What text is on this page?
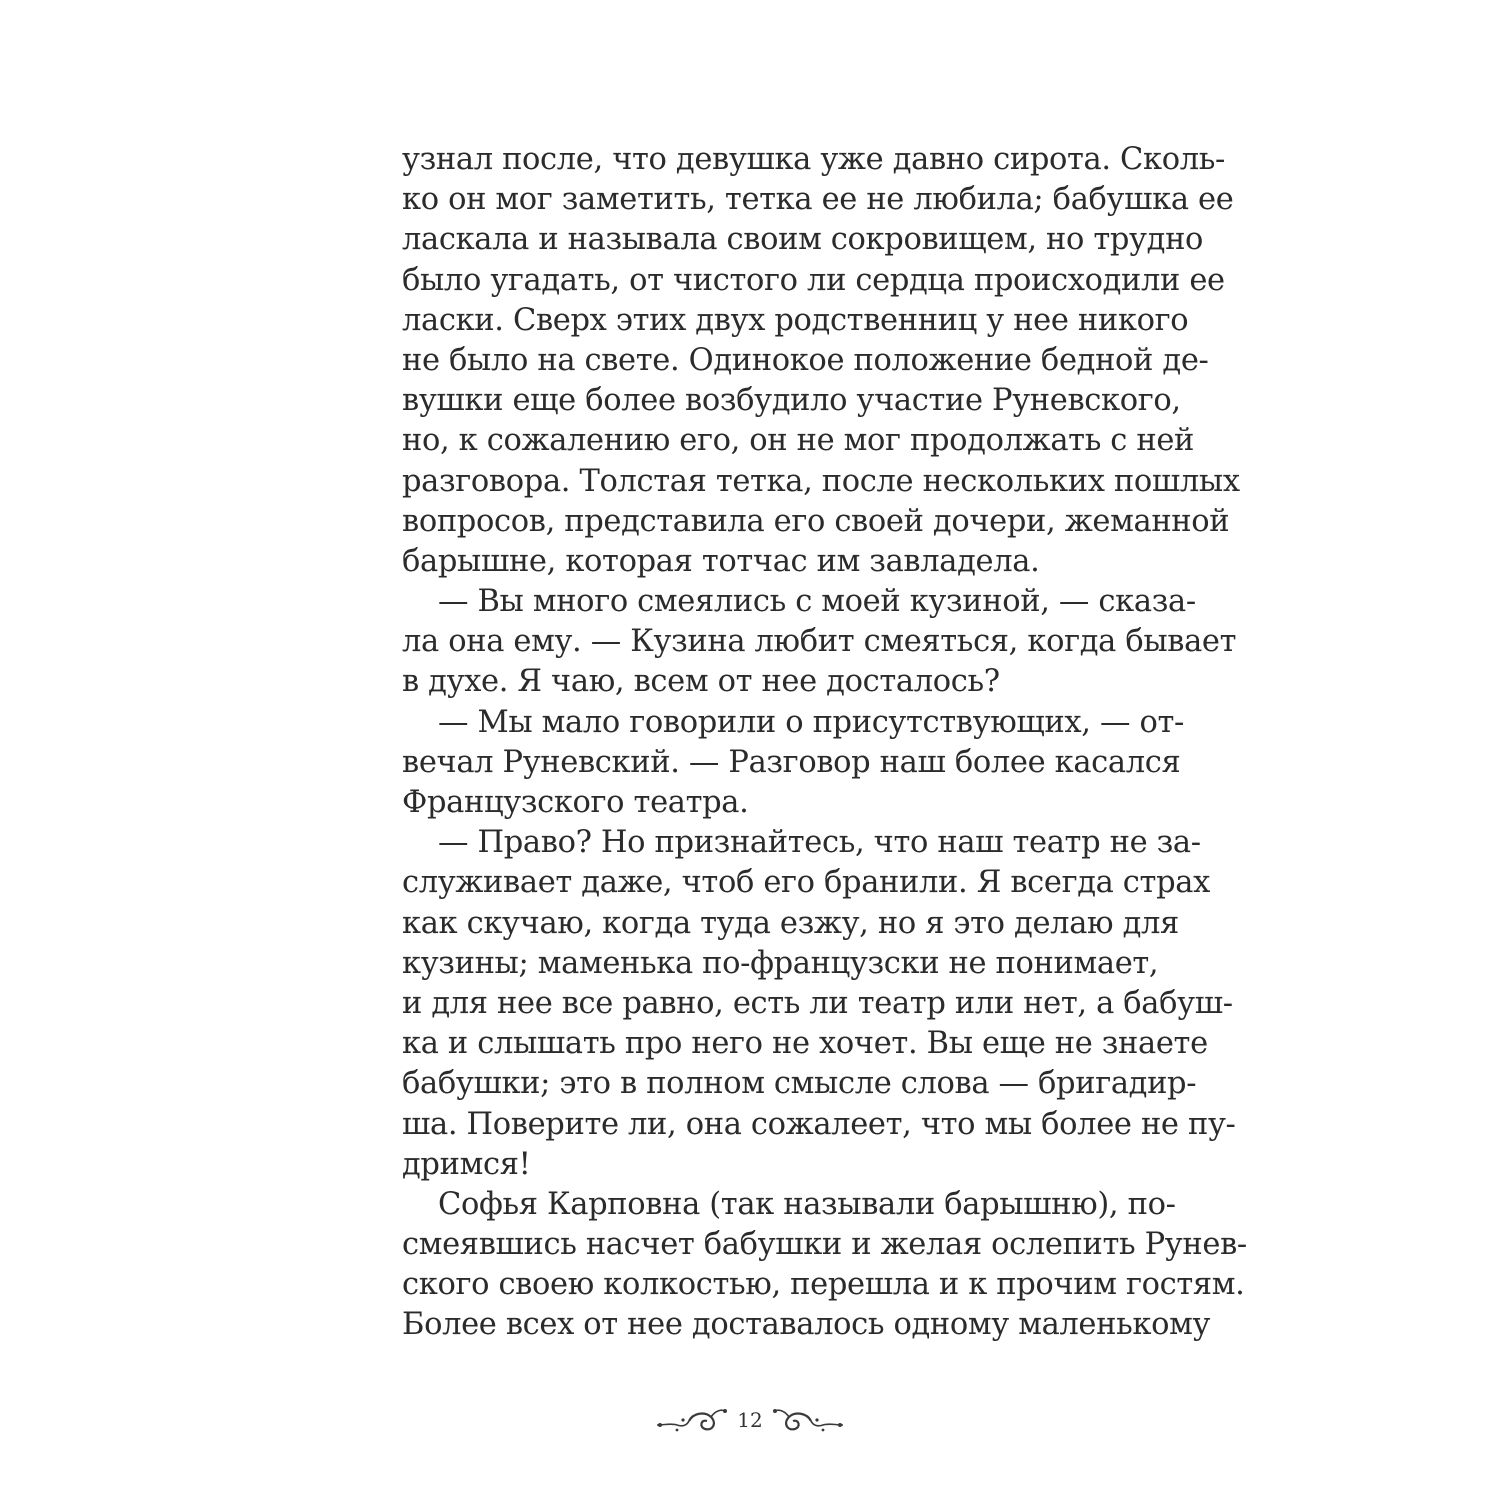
узнал после, что девушка уже давно сирота. Сколь-
ко он мог заметить, тетка ее не любила; бабушка ее
ласкала и называла своим сокровищем, но трудно
было угадать, от чистого ли сердца происходили ее
ласки. Сверх этих двух родственниц у нее никого
не было на свете. Одинокое положение бедной де-
вушки еще более возбудило участие Руневского,
но, к сожалению его, он не мог продолжать с ней
разговора. Толстая тетка, после нескольких пошлых
вопросов, представила его своей дочери, жеманной
барышне, которая тотчас им завладела.
— Вы много смеялись с моей кузиной, — сказа-
ла она ему. — Кузина любит смеяться, когда бывает
в духе. Я чаю, всем от нее досталось?
— Мы мало говорили о присутствующих, — от-
вечал Руневский. — Разговор наш более касался
Французского театра.
— Право? Но признайтесь, что наш театр не за-
служивает даже, чтоб его бранили. Я всегда страх
как скучаю, когда туда езжу, но я это делаю для
кузины; маменька по-французски не понимает,
и для нее все равно, есть ли театр или нет, а бабуш-
ка и слышать про него не хочет. Вы еще не знаете
бабушки; это в полном смысле слова — бригадир-
ша. Поверите ли, она сожалеет, что мы более не пу-
дримся!
Софья Карповна (так называли барышню), по-
смеявшись насчет бабушки и желая ослепить Рунев-
ского своею колкостью, перешла и к прочим гостям.
Более всех от нее доставалось одному маленькому
12
